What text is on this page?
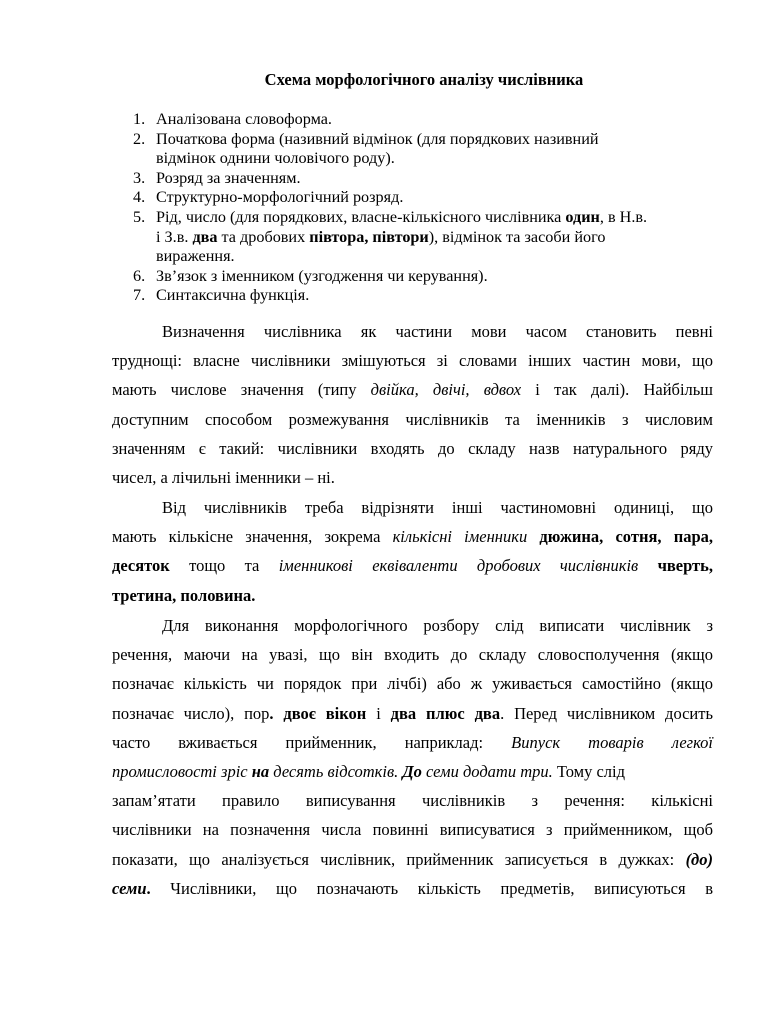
Схема морфологічного аналізу числівника
1. Аналізована словоформа.
2. Початкова форма (називний відмінок (для порядкових називний
відмінок однини чоловічого роду).
3. Розряд за значенням.
4. Структурно-морфологічний розряд.
5. Рід, число (для порядкових, власне-кількісного числівника один, в Н.в.
і З.в. два та дробових півтора, півтори), відмінок та засоби його
вираження.
6. Зв’язок з іменником (узгодження чи керування).
7. Синтаксична функція.
Визначення числівника як частини мови часом становить певні
труднощі: власне числівники змішуються зі словами інших частин мови, що
мають числове значення (типу двійка, двічі, вдвох і так далі). Найбільш
доступним способом розмежування числівників та іменників з числовим
значенням є такий: числівники входять до складу назв натурального ряду
чисел, а лічильні іменники – ні.
Від числівників треба відрізняти інші частиномовні одиниці, що
мають кількісне значення, зокрема кількісні іменники дюжина, сотня, пара,
десяток тощо та іменникові еквіваленти дробових числівників чверть,
третина, половина.
Для виконання морфологічного розбору слід виписати числівник з
речення, маючи на увазі, що він входить до складу словосполучення (якщо
позначає кількість чи порядок при лічбі) або ж уживається самостійно (якщо
позначає число), пор. двоє вікон і два плюс два. Перед числівником досить
часто вживається прийменник, наприклад: Випуск товарів легкої
промисловості зріс на десять відсотків. До семи додати три. Тому слід
запам’ятати правило виписування числівників з речення: кількісні
числівники на позначення числа повинні виписуватися з прийменником, щоб
показати, що аналізується числівник, прийменник записується в дужках: (до)
семи. Числівники, що позначають кількість предметів, виписуються в
